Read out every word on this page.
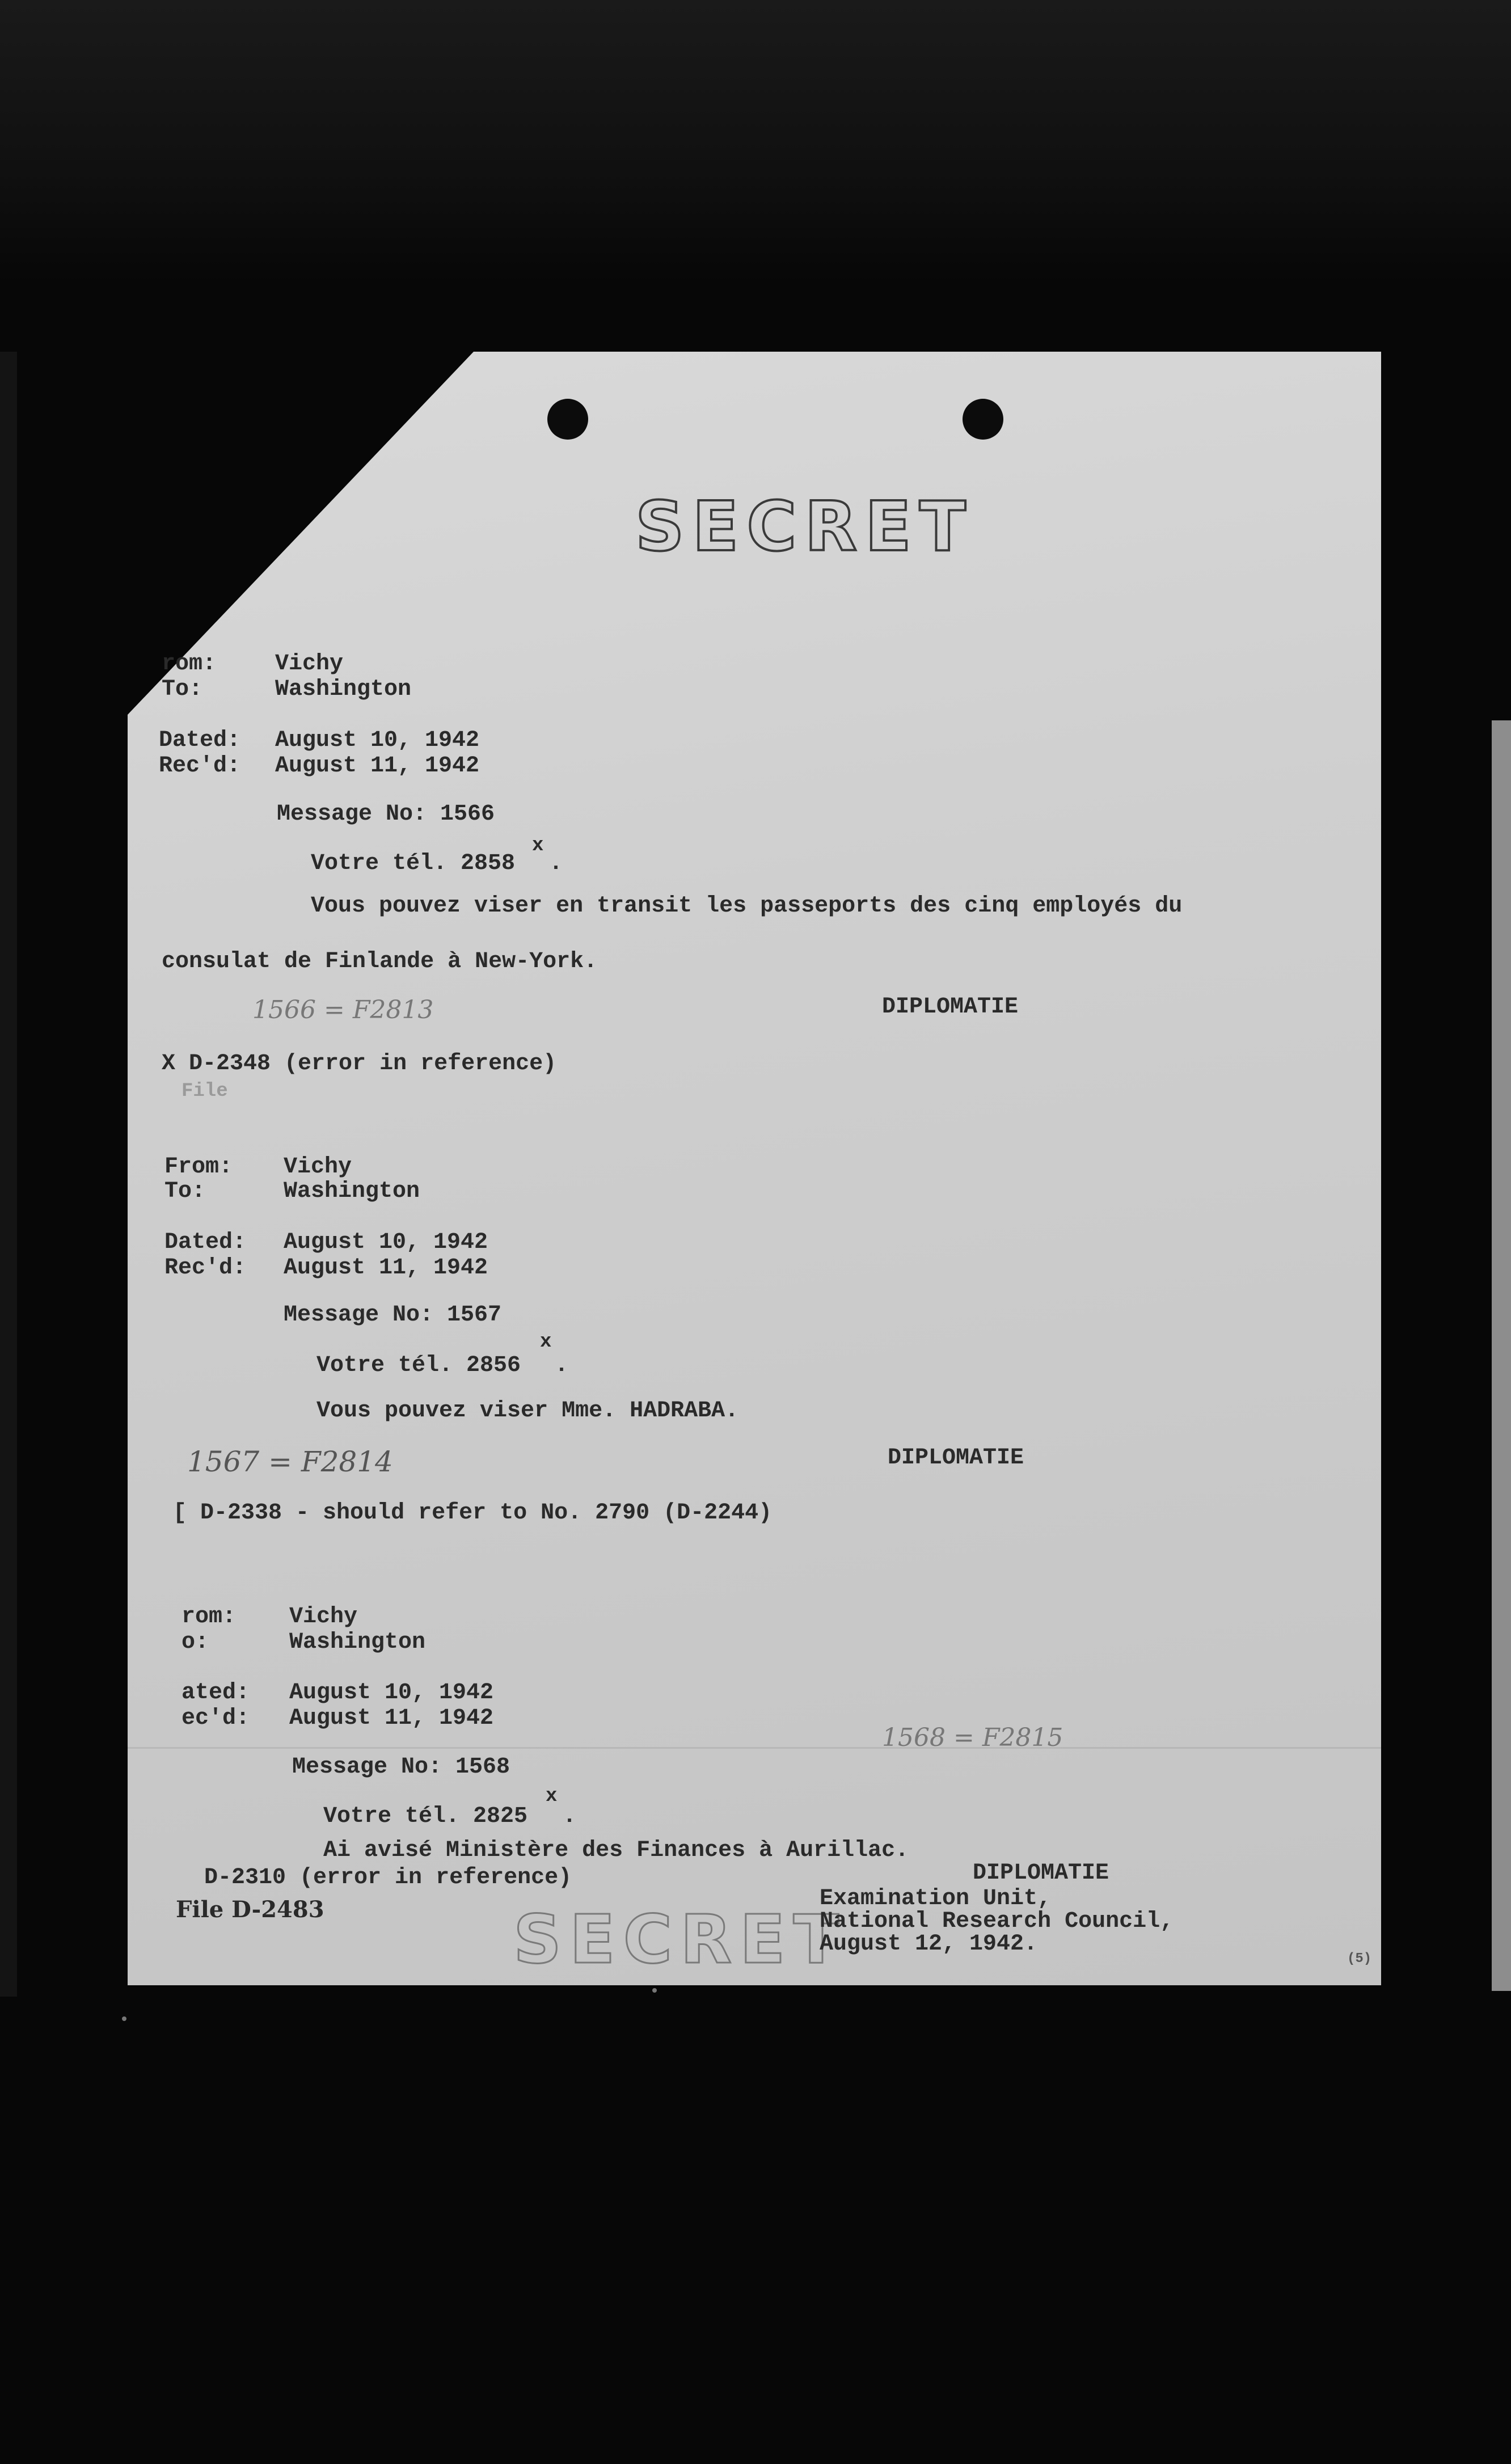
SECRET
rom:	Vichy
To:	Washington
Dated: August 10, 1942
Rec'd: August 11, 1942
Message No: 1566
Votre tél. 2858
x
.
Vous pouvez viser en transit les passeports des cinq employés du
consulat de Finlande à New-York.
1566 = F2813	DIPLOMATIE
X D-2348 (error in reference)
File
From: Vichy
To:	Washington
Dated: August 10, 1942
Rec'd: August 11, 1942
Message No: 1567
Votre tél. 2856
x
.
Vous pouvez viser Mme. HADRABA.
1567 = F2814	DIPLOMATIE
[ D-2338 - should refer to No. 2790 (D-2244)
rom: Vichy
o:	Washington
ated: August 10, 1942
ec'd: August 11, 1942
1568 = F2815
Message No: 1568
Votre tél. 2825
x
.
Ai avisé Ministère des Finances à Aurillac.
D-2310 (error in reference)	DIPLOMATIE
File D-2483	SECRET
Examination Unit,
National Research Council,
August 12, 1942.
(5)
